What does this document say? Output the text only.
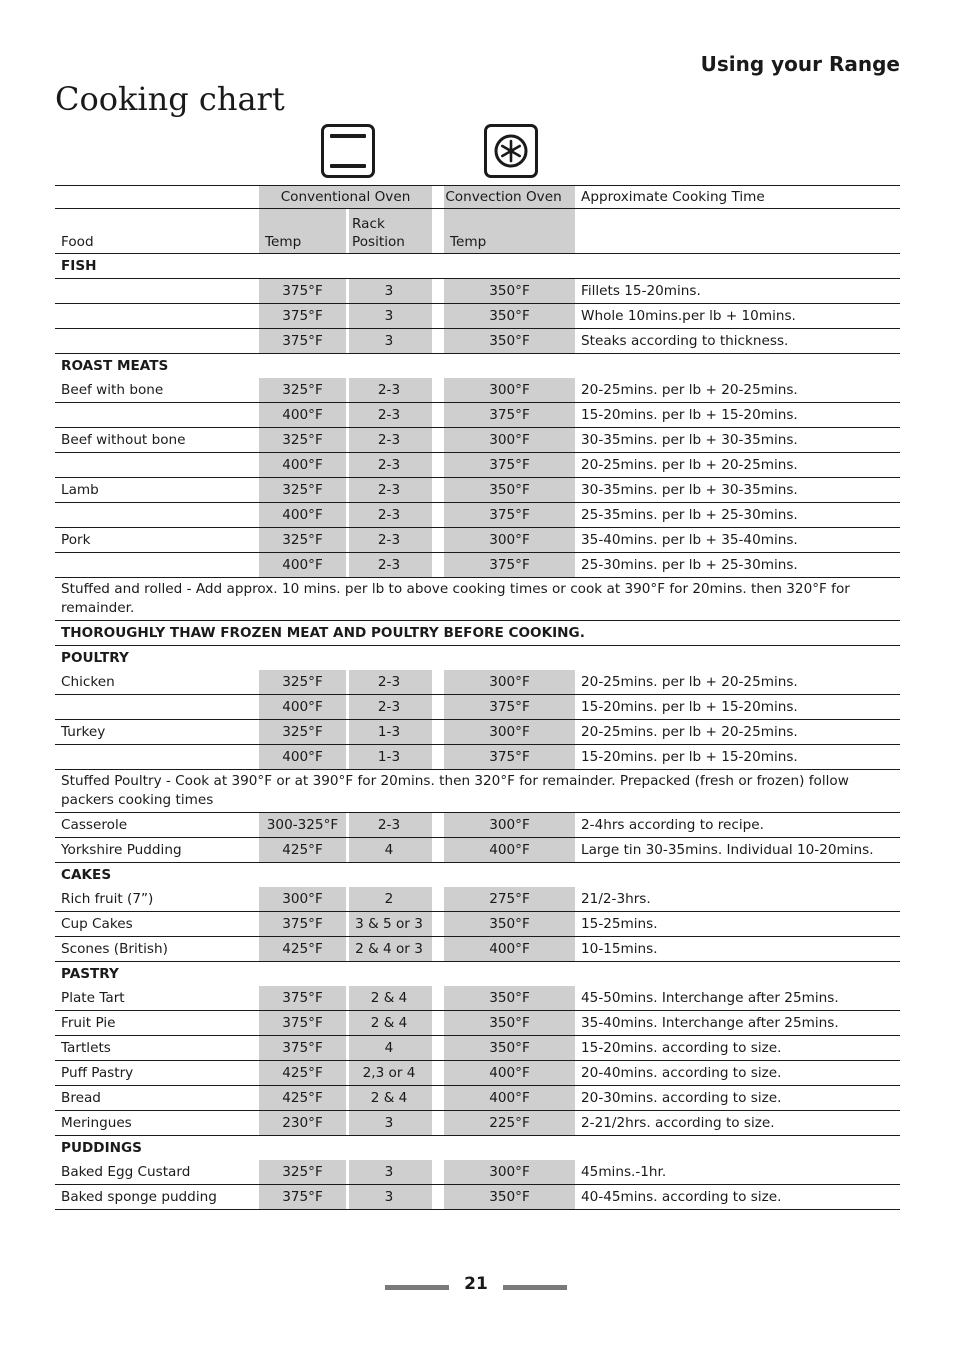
Using your Range
Cooking chart
	Conventional Oven		Convection Oven	Approximate Cooking Time
Food	Temp	Rack Position	Temp	
FISH				
	375°F	3	350°F	Fillets 15-20mins.
	375°F	3	350°F	Whole 10mins.per lb + 10mins.
	375°F	3	350°F	Steaks according to thickness.
ROAST MEATS				
Beef with bone	325°F	2-3	300°F	20-25mins. per lb + 20-25mins.
	400°F	2-3	375°F	15-20mins. per lb + 15-20mins.
Beef without bone	325°F	2-3	300°F	30-35mins. per lb + 30-35mins.
	400°F	2-3	375°F	20-25mins. per lb + 20-25mins.
Lamb	325°F	2-3	350°F	30-35mins. per lb + 30-35mins.
	400°F	2-3	375°F	25-35mins. per lb + 25-30mins.
Pork	325°F	2-3	300°F	35-40mins. per lb + 35-40mins.
	400°F	2-3	375°F	25-30mins. per lb + 25-30mins.
Stuffed and rolled - Add approx. 10 mins. per lb to above cooking times or cook at 390°F for 20mins. then 320°F for remainder.				
THOROUGHLY THAW FROZEN MEAT AND POULTRY BEFORE COOKING.				
POULTRY				
Chicken	325°F	2-3	300°F	20-25mins. per lb + 20-25mins.
	400°F	2-3	375°F	15-20mins. per lb + 15-20mins.
Turkey	325°F	1-3	300°F	20-25mins. per lb + 20-25mins.
	400°F	1-3	375°F	15-20mins. per lb + 15-20mins.
Stuffed Poultry - Cook at 390°F or at 390°F for 20mins. then 320°F for remainder. Prepacked (fresh or frozen) follow packers cooking times				
Casserole	300-325°F	2-3	300°F	2-4hrs according to recipe.
Yorkshire Pudding	425°F	4	400°F	Large tin 30-35mins. Individual 10-20mins.
CAKES				
Rich fruit (7”)	300°F	2	275°F	21/2-3hrs.
Cup Cakes	375°F	3 & 5 or 3	350°F	15-25mins.
Scones (British)	425°F	2 & 4 or 3	400°F	10-15mins.
PASTRY				
Plate Tart	375°F	2 & 4	350°F	45-50mins. Interchange after 25mins.
Fruit Pie	375°F	2 & 4	350°F	35-40mins. Interchange after 25mins.
Tartlets	375°F	4	350°F	15-20mins. according to size.
Puff Pastry	425°F	2,3 or 4	400°F	20-40mins. according to size.
Bread	425°F	2 & 4	400°F	20-30mins. according to size.
Meringues	230°F	3	225°F	2-21/2hrs. according to size.
PUDDINGS				
Baked Egg Custard	325°F	3	300°F	45mins.-1hr.
Baked sponge pudding	375°F	3	350°F	40-45mins. according to size.
21
